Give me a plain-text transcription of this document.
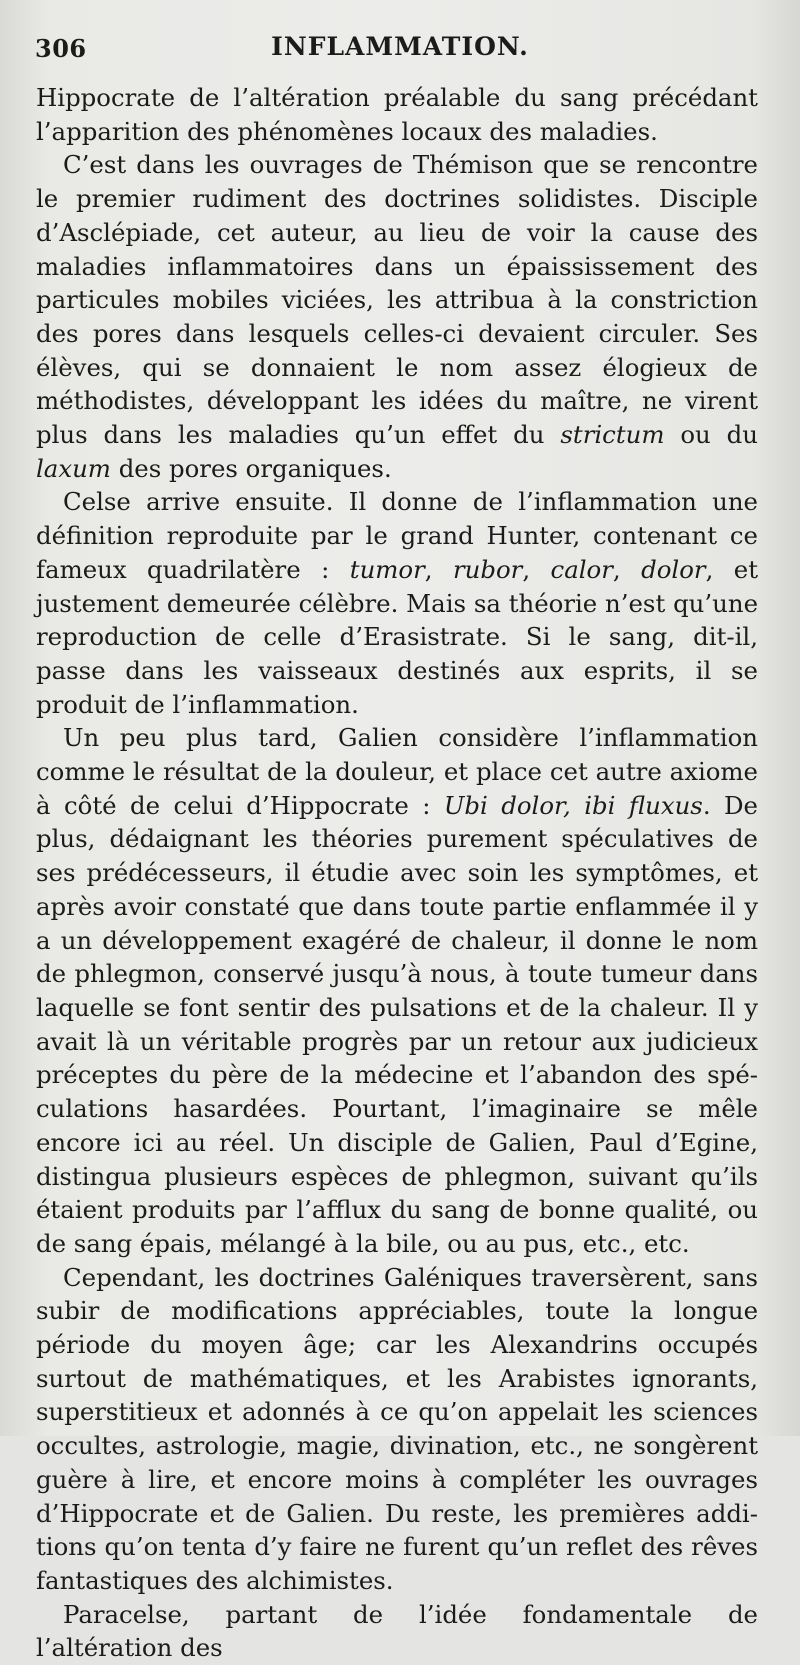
306	INFLAMMATION.

Hippocrate de l’altération préalable du sang précédant l’apparition des phénomènes locaux des maladies.

C’est dans les ouvrages de Thémison que se rencontre le premier rudiment des doctrines solidistes. Disciple d’Asclépiade, cet auteur, au lieu de voir la cause des maladies inflammatoires dans un épaississement des particules mobiles viciées, les attribua à la constriction des pores dans lesquels celles-ci devaient circuler. Ses élèves, qui se donnaient le nom assez élogieux de méthodistes, développant les idées du maître, ne virent plus dans les maladies qu’un effet du strictum ou du laxum des pores organiques.

Celse arrive ensuite. Il donne de l’inflammation une définition reproduite par le grand Hunter, contenant ce fameux quadrilatère : tumor, rubor, calor, dolor, et justement demeurée célèbre. Mais sa théorie n’est qu’une reproduction de celle d’Erasistrate. Si le sang, dit-il, passe dans les vaisseaux destinés aux esprits, il se produit de l’inflammation.

Un peu plus tard, Galien considère l’inflammation comme le résultat de la douleur, et place cet autre axiome à côté de celui d’Hippocrate : Ubi dolor, ibi fluxus. De plus, dédaignant les théories purement spéculatives de ses prédécesseurs, il étudie avec soin les symptômes, et après avoir constaté que dans toute partie enflammée il y a un développement exagéré de chaleur, il donne le nom de phlegmon, conservé jusqu’à nous, à toute tumeur dans laquelle se font sentir des pulsations et de la chaleur. Il y avait là un véritable progrès par un retour aux judicieux préceptes du père de la médecine et l’abandon des spéculations hasardées. Pourtant, l’imaginaire se mêle encore ici au réel. Un disciple de Galien, Paul d’Egine, distingua plusieurs espèces de phlegmon, suivant qu’ils étaient produits par l’afflux du sang de bonne qualité, ou de sang épais, mélangé à la bile, ou au pus, etc., etc.

Cependant, les doctrines Galéniques traversèrent, sans subir de modifications appréciables, toute la longue période du moyen âge; car les Alexandrins occupés surtout de mathématiques, et les Arabistes ignorants, superstitieux et adonnés à ce qu’on appelait les sciences occultes, astrologie, magie, divination, etc., ne songèrent guère à lire, et encore moins à compléter les ouvrages d’Hippocrate et de Galien. Du reste, les premières additions qu’on tenta d’y faire ne furent qu’un reflet des rêves fantastiques des alchimistes.

Paracelse, partant de l’idée fondamentale de l’altération des
